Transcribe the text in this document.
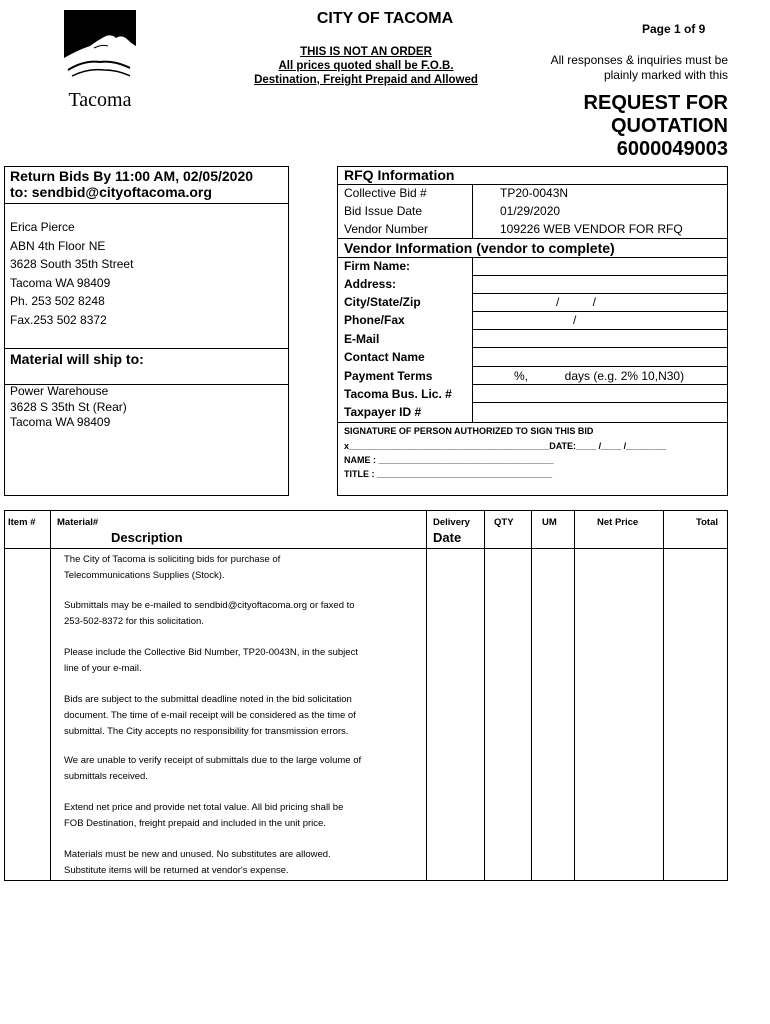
Tacoma
CITY OF TACOMA
Page 1 of 9
THIS IS NOT AN ORDER
All prices quoted shall be F.O.B.
Destination, Freight Prepaid and Allowed
All responses & inquiries must be
plainly marked with this
REQUEST FOR
QUOTATION
6000049003
Return Bids By 11:00 AM, 02/05/2020
to: sendbid@cityoftacoma.org
Erica Pierce
ABN 4th Floor NE
3628 South 35th Street
Tacoma WA 98409
Ph. 253 502 8248
Fax.253 502 8372
Material will ship to:
Power Warehouse
3628 S 35th St (Rear)
Tacoma WA 98409
RFQ Information
Collective Bid #	TP20-0043N
Bid Issue Date	01/29/2020
Vendor Number	109226 WEB VENDOR FOR RFQ
Vendor Information (vendor to complete)
Firm Name:
Address:
City/State/Zip	/          /
Phone/Fax	/
E-Mail
Contact Name
Payment Terms	%,           days (e.g. 2% 10,N30)
Tacoma Bus. Lic. #
Taxpayer ID #
SIGNATURE OF PERSON AUTHORIZED TO SIGN THIS BID
x________________________________________DATE:____ /____ /________
NAME : ___________________________________
TITLE : ___________________________________
Item # Material#
Description
Delivery
Date
QTY	UM	Net Price	Total
The City of Tacoma is soliciting bids for purchase of
Telecommunications Supplies (Stock).
Submittals may be e-mailed to sendbid@cityoftacoma.org or faxed to
253-502-8372 for this solicitation.
Please include the Collective Bid Number, TP20-0043N, in the subject
line of your e-mail.
Bids are subject to the submittal deadline noted in the bid solicitation
document. The time of e-mail receipt will be considered as the time of
submittal. The City accepts no responsibility for transmission errors.
We are unable to verify receipt of submittals due to the large volume of
submittals received.
Extend net price and provide net total value. All bid pricing shall be
FOB Destination, freight prepaid and included in the unit price.
Materials must be new and unused. No substitutes are allowed.
Substitute items will be returned at vendor's expense.
